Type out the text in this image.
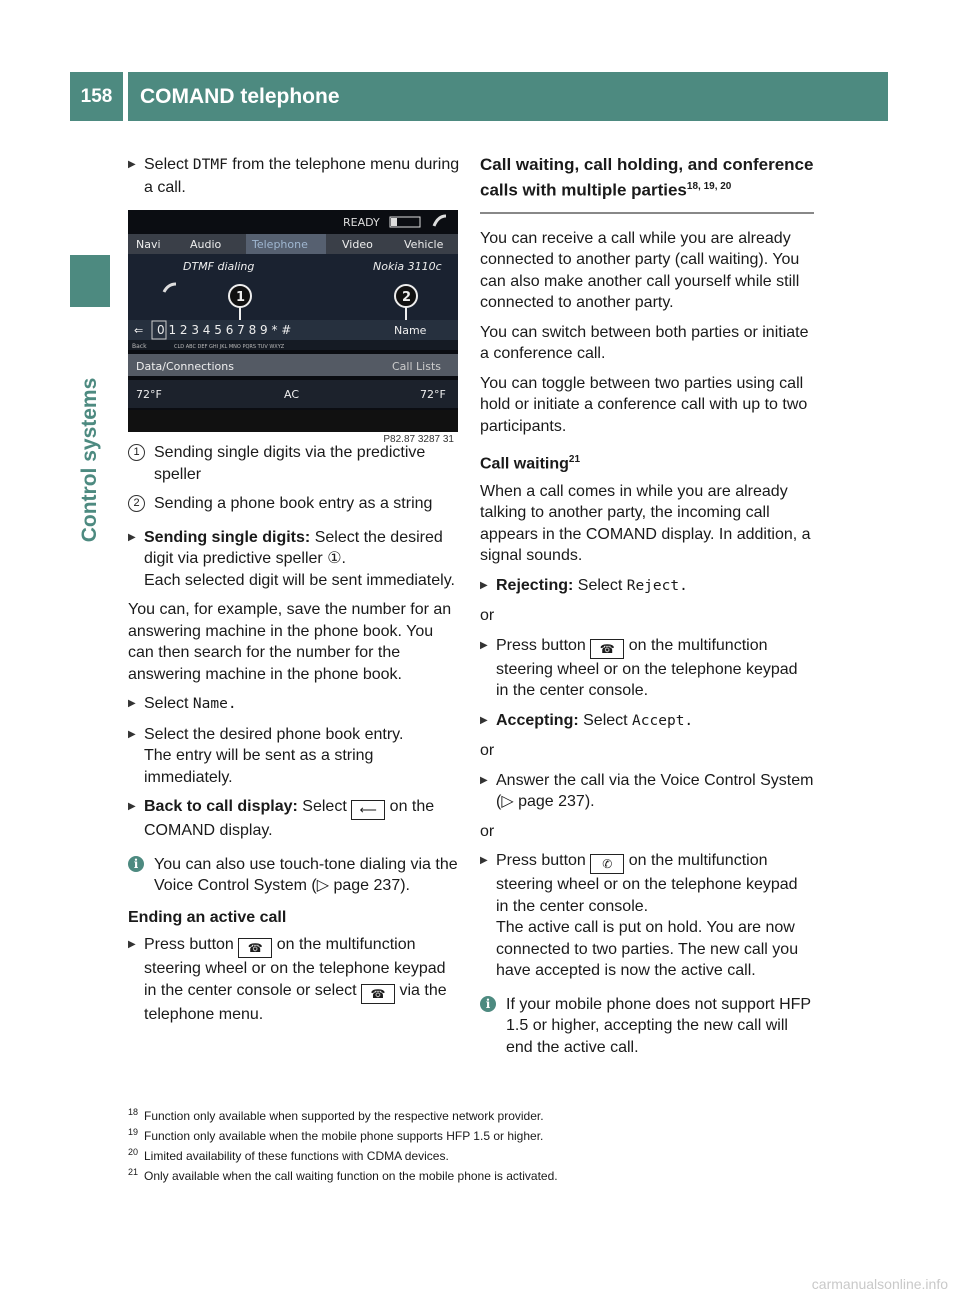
158	COMAND telephone
Control systems
▶ Select DTMF from the telephone menu during a call.
READY
Navi	Audio	Telephone	Video	Vehicle
DTMF dialing	Nokia 3110c
1	2
⇐ 0 1 2 3 4 5 6 7 8 9 * #	Name
Back	CLD ABC DEF GHI JKL MNO PQRS TUV WXYZ
Data/Connections	Call Lists
72°F	AC	72°F
P82.87 3287 31
1 Sending single digits via the predictive speller
2 Sending a phone book entry as a string
▶ Sending single digits: Select the desired digit via predictive speller ①.
Each selected digit will be sent immediately.
You can, for example, save the number for an answering machine in the phone book. You can then search for the number for the answering machine in the phone book.
▶ Select Name.
▶ Select the desired phone book entry.
The entry will be sent as a string immediately.
▶ Back to call display: Select ⟵ on the COMAND display.
i You can also use touch-tone dialing via the Voice Control System (▷ page 237).
Ending an active call
▶ Press button ☎ on the multifunction steering wheel or on the telephone keypad in the center console or select ☎ via the telephone menu.
Call waiting, call holding, and conference calls with multiple parties$^{18, 19, 20}$
You can receive a call while you are already connected to another party (call waiting). You can also make another call yourself while still connected to another party.
You can switch between both parties or initiate a conference call.
You can toggle between two parties using call hold or initiate a conference call with up to two participants.
Call waiting$^{21}$
When a call comes in while you are already talking to another party, the incoming call appears in the COMAND display. In addition, a signal sounds.
▶ Rejecting: Select Reject.
or
▶ Press button ☎ on the multifunction steering wheel or on the telephone keypad in the center console.
▶ Accepting: Select Accept.
or
▶ Answer the call via the Voice Control System (▷ page 237).
or
▶ Press button ✆ on the multifunction steering wheel or on the telephone keypad in the center console.
The active call is put on hold. You are now connected to two parties. The new call you have accepted is now the active call.
i If your mobile phone does not support HFP 1.5 or higher, accepting the new call will end the active call.
18 Function only available when supported by the respective network provider.
19 Function only available when the mobile phone supports HFP 1.5 or higher.
20 Limited availability of these functions with CDMA devices.
21 Only available when the call waiting function on the mobile phone is activated.
carmanualsonline.info
